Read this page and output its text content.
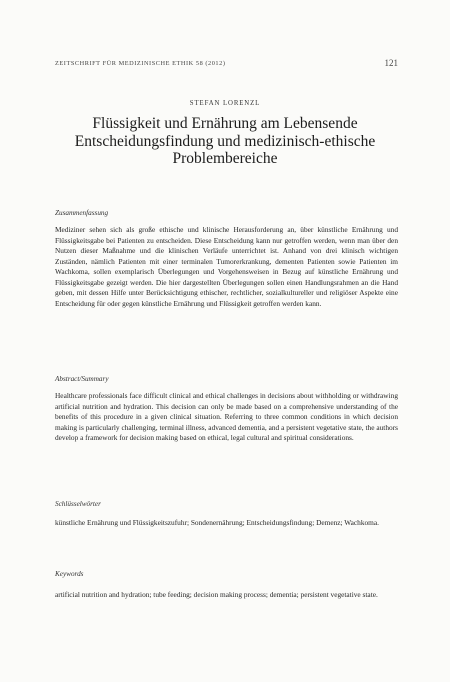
ZEITSCHRIFT FÜR MEDIZINISCHE ETHIK 58 (2012)	121
STEFAN LORENZL
Flüssigkeit und Ernährung am Lebensende Entscheidungsfindung und medizinisch-ethische Problembereiche
Zusammenfassung
Mediziner sehen sich als große ethische und klinische Herausforderung an, über künstliche Ernährung und Flüssigkeitsgabe bei Patienten zu entscheiden. Diese Entscheidung kann nur getroffen werden, wenn man über den Nutzen dieser Maßnahme und die klinischen Verläufe unterrichtet ist. Anhand von drei klinisch wichtigen Zuständen, nämlich Patienten mit einer terminalen Tumorerkrankung, dementen Patienten sowie Patienten im Wachkoma, sollen exemplarisch Überlegungen und Vorgehensweisen in Bezug auf künstliche Ernährung und Flüssigkeitsgabe gezeigt werden. Die hier dargestellten Überlegungen sollen einen Handlungsrahmen an die Hand geben, mit dessen Hilfe unter Berücksichtigung ethischer, rechtlicher, sozialkultureller und religiöser Aspekte eine Entscheidung für oder gegen künstliche Ernährung und Flüssigkeit getroffen werden kann.
Abstract/Summary
Healthcare professionals face difficult clinical and ethical challenges in decisions about withholding or withdrawing artificial nutrition and hydration. This decision can only be made based on a comprehensive understanding of the benefits of this procedure in a given clinical situation. Referring to three common conditions in which decision making is particularly challenging, terminal illness, advanced dementia, and a persistent vegetative state, the authors develop a framework for decision making based on ethical, legal cultural and spiritual considerations.
Schlüsselwörter
künstliche Ernährung und Flüssigkeitszufuhr; Sondenernährung; Entscheidungsfindung; Demenz; Wachkoma.
Keywords
artificial nutrition and hydration; tube feeding; decision making process; dementia; persistent vegetative state.
